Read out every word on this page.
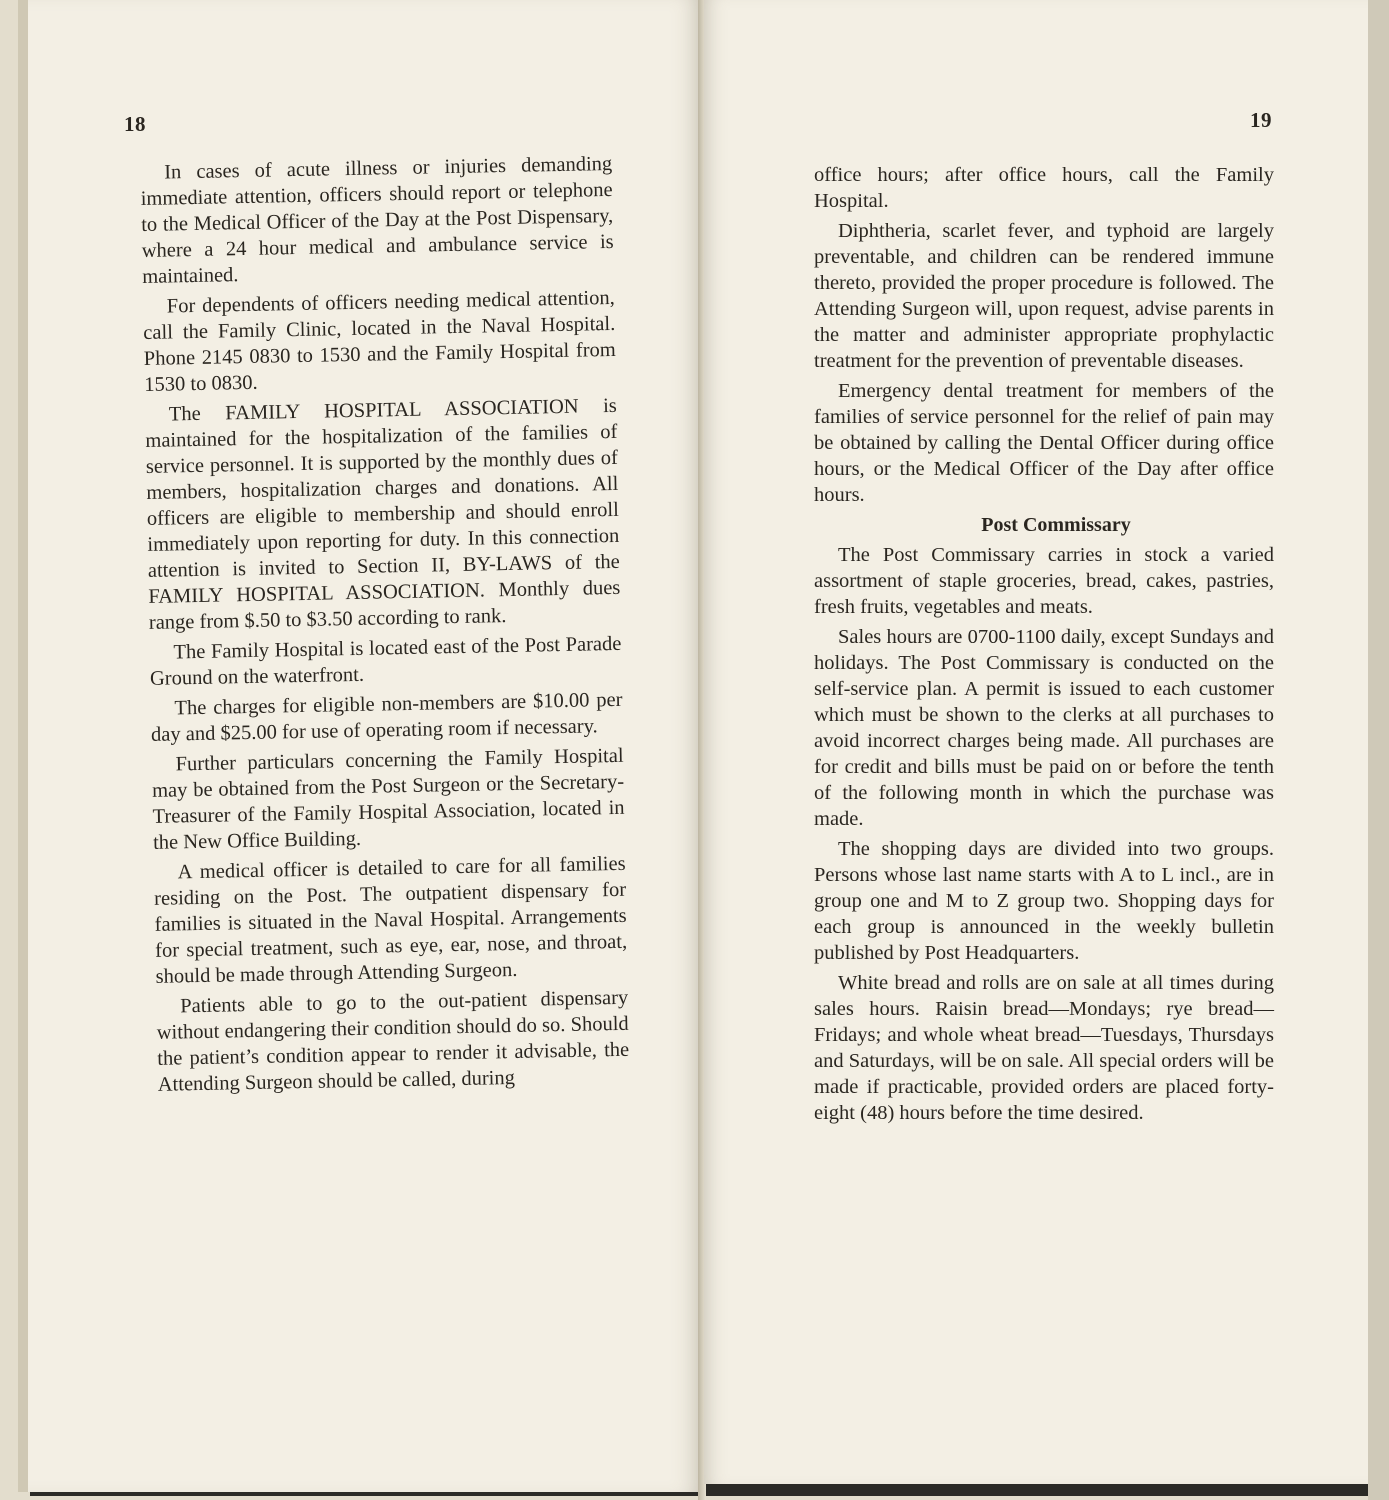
18

In cases of acute illness or injuries demanding immediate attention, officers should report or telephone to the Medical Officer of the Day at the Post Dispensary, where a 24 hour medical and ambulance service is maintained.

For dependents of officers needing medical attention, call the Family Clinic, located in the Naval Hospital. Phone 2145 0830 to 1530 and the Family Hospital from 1530 to 0830.

The FAMILY HOSPITAL ASSOCIATION is maintained for the hospitalization of the families of service personnel. It is supported by the monthly dues of members, hospitalization charges and donations. All officers are eligible to membership and should enroll immediately upon reporting for duty. In this connection attention is invited to Section II, BY-LAWS of the FAMILY HOSPITAL ASSOCIATION. Monthly dues range from $.50 to $3.50 according to rank.

The Family Hospital is located east of the Post Parade Ground on the waterfront.

The charges for eligible non-members are $10.00 per day and $25.00 for use of operating room if necessary.

Further particulars concerning the Family Hospital may be obtained from the Post Surgeon or the Secretary-Treasurer of the Family Hospital Association, located in the New Office Building.

A medical officer is detailed to care for all families residing on the Post. The outpatient dispensary for families is situated in the Naval Hospital. Arrangements for special treatment, such as eye, ear, nose, and throat, should be made through Attending Surgeon.

Patients able to go to the out-patient dispensary without endangering their condition should do so. Should the patient’s condition appear to render it advisable, the Attending Surgeon should be called, during

19

office hours; after office hours, call the Family Hospital.

Diphtheria, scarlet fever, and typhoid are largely preventable, and children can be rendered immune thereto, provided the proper procedure is followed. The Attending Surgeon will, upon request, advise parents in the matter and administer appropriate prophylactic treatment for the prevention of preventable diseases.

Emergency dental treatment for members of the families of service personnel for the relief of pain may be obtained by calling the Dental Officer during office hours, or the Medical Officer of the Day after office hours.

Post Commissary

The Post Commissary carries in stock a varied assortment of staple groceries, bread, cakes, pastries, fresh fruits, vegetables and meats.

Sales hours are 0700-1100 daily, except Sundays and holidays. The Post Commissary is conducted on the self-service plan. A permit is issued to each customer which must be shown to the clerks at all purchases to avoid incorrect charges being made. All purchases are for credit and bills must be paid on or before the tenth of the following month in which the purchase was made.

The shopping days are divided into two groups. Persons whose last name starts with A to L incl., are in group one and M to Z group two. Shopping days for each group is announced in the weekly bulletin published by Post Headquarters.

White bread and rolls are on sale at all times during sales hours. Raisin bread—Mondays; rye bread—Fridays; and whole wheat bread—Tuesdays, Thursdays and Saturdays, will be on sale. All special orders will be made if practicable, provided orders are placed forty-eight (48) hours before the time desired.
